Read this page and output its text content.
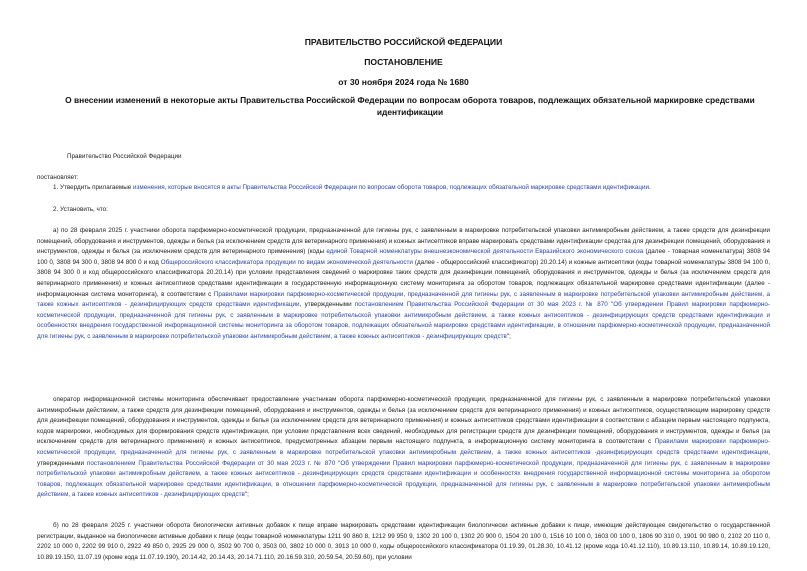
ПРАВИТЕЛЬСТВО РОССИЙСКОЙ ФЕДЕРАЦИИ
ПОСТАНОВЛЕНИЕ
от 30 ноября 2024 года № 1680
О внесении изменений в некоторые акты Правительства Российской Федерации по вопросам оборота товаров, подлежащих обязательной маркировке средствами идентификации
Правительство Российской Федерации
постановляет:
1. Утвердить прилагаемые изменения, которые вносятся в акты Правительства Российской Федерации по вопросам оборота товаров, подлежащих обязательной маркировке средствами идентификации.
2. Установить, что:
а) по 28 февраля 2025 г. участники оборота парфюмерно-косметической продукции, предназначенной для гигиены рук, с заявленным в маркировке потребительской упаковки антимикробным действием, а также средств для дезинфекции помещений, оборудования и инструментов, одежды и белья (за исключением средств для ветеринарного применения) и кожных антисептиков вправе маркировать средствами идентификации средства для дезинфекции помещений, оборудования и инструментов, одежды и белья (за исключением средств для ветеринарного применения) (коды единой Товарной номенклатуры внешнеэкономической деятельности Евразийского экономического союза (далее - товарная номенклатура) 3808 94 100 0, 3808 94 300 0, 3808 94 800 0 и код Общероссийского классификатора продукции по видам экономической деятельности (далее - общероссийский классификатор) 20.20.14) и кожные антисептики (коды товарной номенклатуры 3808 94 100 0, 3808 94 300 0 и код общероссийского классификатора 20.20.14) при условии представления сведений о маркировке таких средств для дезинфекции помещений, оборудования и инструментов, одежды и белья (за исключением средств для ветеринарного применения) и кожных антисептиков средствами идентификации в государственную информационную систему мониторинга за оборотом товаров, подлежащих обязательной маркировке средствами идентификации (далее - информационная система мониторинга), в соответствии с Правилами маркировки парфюмерно-косметической продукции, предназначенной для гигиены рук, с заявленным в маркировке потребительской упаковки антимикробным действием, а также кожных антисептиков - дезинфицирующих средств средствами идентификации, утвержденными постановлением Правительства Российской Федерации от 30 мая 2023 г. № 870 "Об утверждении Правил маркировки парфюмерно-косметической продукции, предназначенной для гигиены рук, с заявленным в маркировке потребительской упаковки антимикробным действием, а также кожных антисептиков - дезинфицирующих средств средствами идентификации и особенностях внедрения государственной информационной системы мониторинга за оборотом товаров, подлежащих обязательной маркировке средствами идентификации, в отношении парфюмерно-косметической продукции, предназначенной для гигиены рук, с заявленным в маркировке потребительской упаковки антимикробным действием, а также кожных антисептиков - дезинфицирующих средств";
оператор информационной системы мониторинга обеспечивает предоставление участникам оборота парфюмерно-косметической продукции, предназначенной для гигиены рук, с заявленным в маркировке потребительской упаковки антимикробным действием, а также средств для дезинфекции помещений, оборудования и инструментов, одежды и белья (за исключением средств для ветеринарного применения) и кожных антисептиков, осуществляющим маркировку средств для дезинфекции помещений, оборудования и инструментов, одежды и белья (за исключением средств для ветеринарного применения) и кожных антисептиков средствами идентификации в соответствии с абзацем первым настоящего подпункта, кодов маркировки, необходимых для формирования средств идентификации, при условии представления всех сведений, необходимых для регистрации средств для дезинфекции помещений, оборудования и инструментов, одежды и белья (за исключением средств для ветеринарного применения) и кожных антисептиков, предусмотренных абзацем первым настоящего подпункта, в информационную систему мониторинга в соответствии с Правилами маркировки парфюмерно-косметической продукции, предназначенной для гигиены рук, с заявленным в маркировке потребительской упаковки антимикробным действием, а также кожных антисептиков -дезинфицирующих средств средствами идентификации, утвержденными постановлением Правительства Российской Федерации от 30 мая 2023 г. № 870 "Об утверждении Правил маркировки парфюмерно-косметической продукции, предназначенной для гигиены рук, с заявленным в маркировке потребительской упаковки антимикробным действием, а также кожных антисептиков - дезинфицирующих средств средствами идентификации и особенностях внедрения государственной информационной системы мониторинга за оборотом товаров, подлежащих обязательной маркировке средствами идентификации, в отношении парфюмерно-косметической продукции, предназначенной для гигиены рук, с заявленным в маркировке потребительской упаковки антимикробным действием, а также кожных антисептиков - дезинфицирующих средств";
б) по 28 февраля 2025 г. участники оборота биологически активных добавок к пище вправе маркировать средствами идентификации биологически активные добавки к пище, имеющие действующее свидетельство о государственной регистрации, выданное на биологически активные добавки к пище (коды товарной номенклатуры 1211 90 860 8, 1212 99 950 9, 1302 20 100 0, 1302 20 900 0, 1504 20 100 0, 1516 10 100 0, 1603 00 100 0, 1806 90 310 0, 1901 90 980 0, 2102 20 110 0, 2202 10 000 0, 2202 99 910 0, 2922 49 850 0, 2925 29 000 0, 3502 90 700 0, 3503 00, 3802 10 000 0, 3913 10 000 0, коды общероссийского классификатора 01.19.39, 01.28.30, 10.41.12 (кроме кода 10.41.12.110), 10.89.13.110, 10.89.14, 10.89.19.120, 10.89.19.150, 11.07.19 (кроме кода 11.07.19.190), 20.14.42, 20.14.43, 20.14.71.110, 20.16.59.310, 20.59.54, 20.59.60), при условии
